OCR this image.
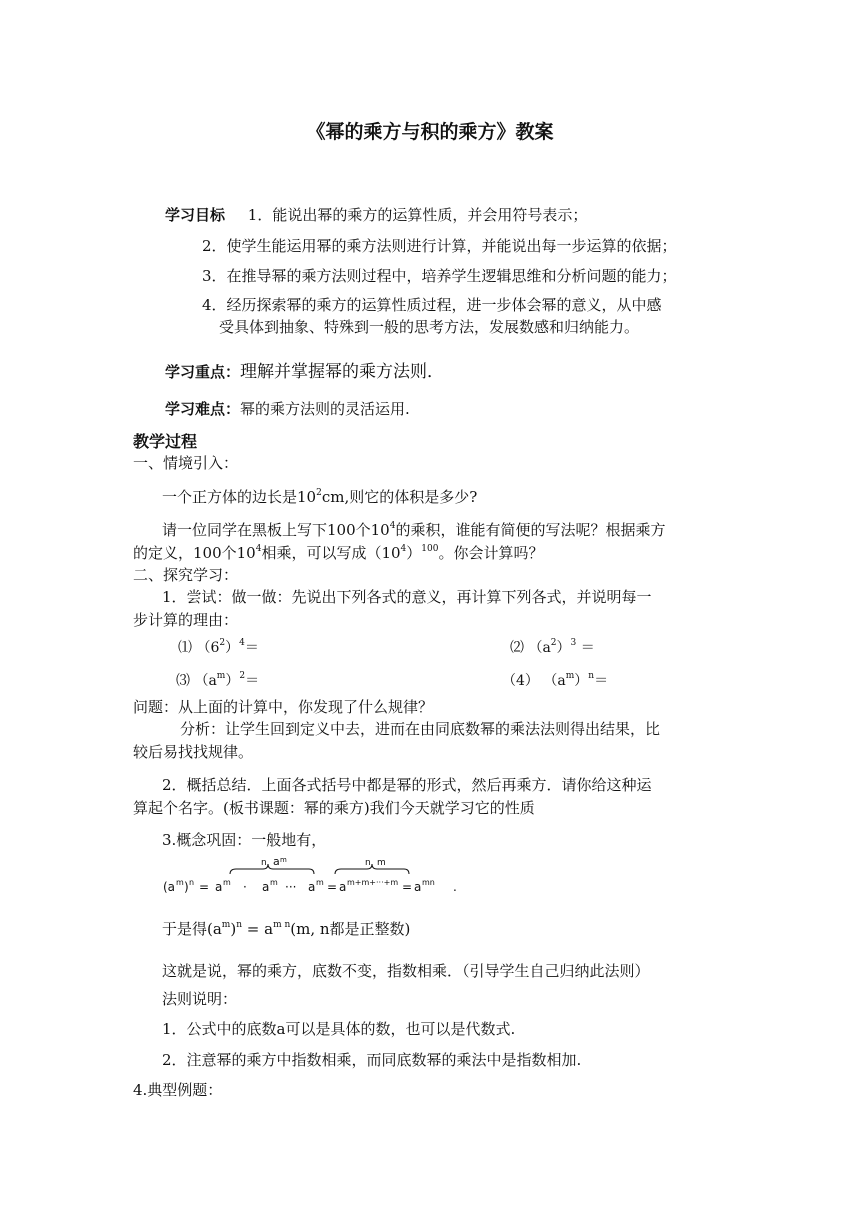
《幂的乘方与积的乘方》教案
学习目标 1．能说出幂的乘方的运算性质，并会用符号表示；
2．使学生能运用幂的乘方法则进行计算，并能说出每一步运算的依据；
3．在推导幂的乘方法则过程中，培养学生逻辑思维和分析问题的能力；
4．经历探索幂的乘方的运算性质过程，进一步体会幂的意义，从中感
受具体到抽象、特殊到一般的思考方法，发展数感和归纳能力。
学习重点：理解并掌握幂的乘方法则．
学习难点：幂的乘方法则的灵活运用.
教学过程
一、情境引入：
一个正方体的边长是$10^2cm$,则它的体积是多少?
请一位同学在黑板上写下100个$10^4$的乘积，谁能有简便的写法呢？根据乘方
的定义，100个$10^4$相乘，可以写成$(10^4)^{100}$。你会计算吗？
二、探究学习：
1．尝试：做一做：先说出下列各式的意义，再计算下列各式，并说明每一
步计算的理由：
⑴ $(6^2)^4=$	⑵ $(a^2)^3$ ＝
⑶ $(a^m)^2=$	（4） $(a^m)^n=$
问题：从上面的计算中，你发现了什么规律？
分析：让学生回到定义中去，进而在由同底数幂的乘法法则得出结果，比
较后易找找规律。
2．概括总结．上面各式括号中都是幂的形式，然后再乘方．请你给这种运
算起个名字。(板书课题：幂的乘方)我们今天就学习它的性质
3.概念巩固：一般地有，
n a m	n m
(a m ) n = a m · a m ··· a m = a m+m+···+m = a mn .
于是得$(a^m)^n = a^{m n}(m$, n都是正整数)
这就是说，幂的乘方，底数不变，指数相乘．（引导学生自己归纳此法则）
法则说明：
1．公式中的底数a可以是具体的数，也可以是代数式.
2．注意幂的乘方中指数相乘，而同底数幂的乘法中是指数相加.
4.典型例题：
